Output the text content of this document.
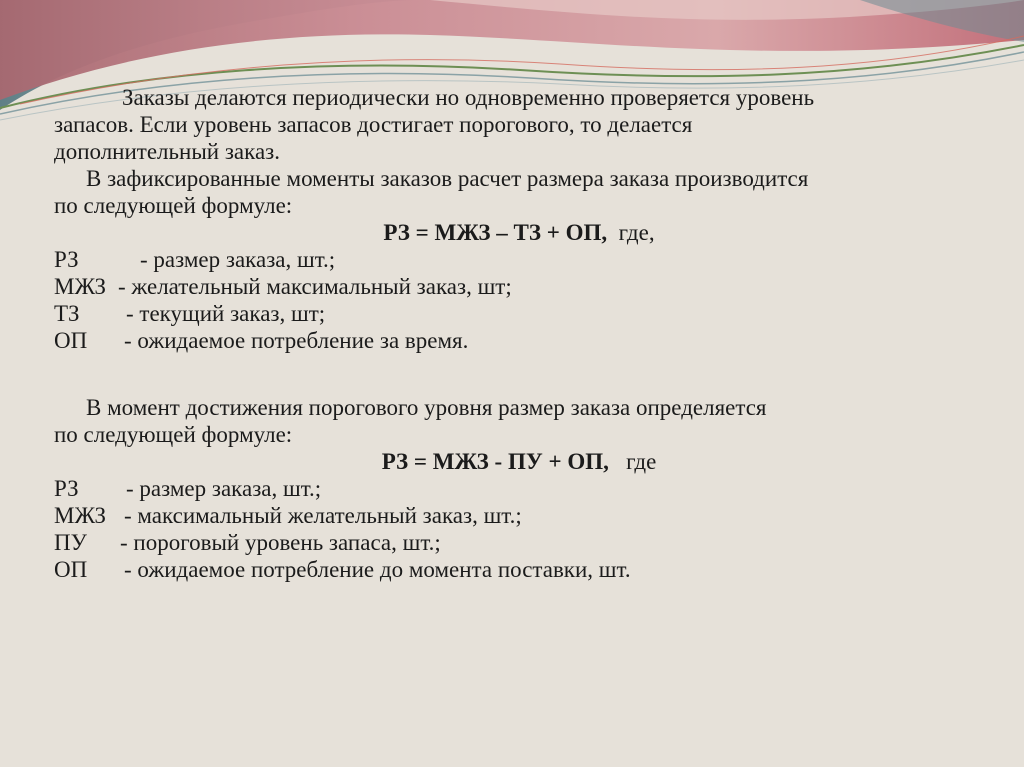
Заказы делаются периодически но одновременно проверяется уровень

запасов. Если уровень запасов достигает порогового, то делается

дополнительный заказ.

В зафиксированные моменты заказов расчет размера заказа производится

по следующей формуле:

РЗ = МЖЗ – ТЗ + ОП,  где,

РЗ	- размер заказа, шт.;

МЖЗ - желательный максимальный заказ, шт;

ТЗ	- текущий заказ, шт;

ОП	- ожидаемое потребление за время.

В момент достижения порогового уровня размер заказа определяется

по следующей формуле:

РЗ = МЖЗ - ПУ + ОП,   где

РЗ	- размер заказа, шт.;

МЖЗ - максимальный желательный заказ, шт.;

ПУ	- пороговый уровень запаса, шт.;

ОП	- ожидаемое потребление до момента поставки, шт.
